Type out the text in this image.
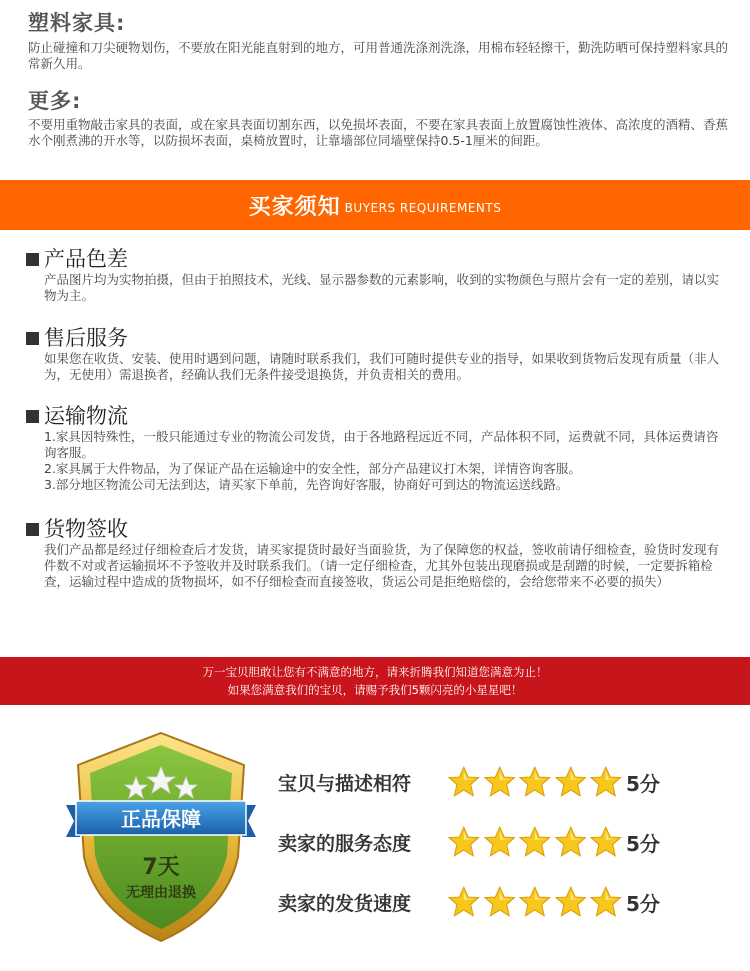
塑料家具:

防止碰撞和刀尖硬物划伤，不要放在阳光能直射到的地方，可用普通洗涤剂洗涤，用棉布轻轻擦干，勤洗防晒可保持塑料家具的常新久用。

更多:

不要用重物敲击家具的表面，或在家具表面切割东西，以免损坏表面，不要在家具表面上放置腐蚀性液体、高浓度的酒精、香蕉水个刚煮沸的开水等，以防损坏表面，桌椅放置时，让靠墙部位同墙壁保持0.5-1厘米的间距。

买家须知 BUYERS REQUIREMENTS
产品色差

产品图片均为实物拍摄，但由于拍照技术，光线、显示器参数的元素影响，收到的实物颜色与照片会有一定的差别，请以实物为主。

售后服务

如果您在收货、安装、使用时遇到问题，请随时联系我们，我们可随时提供专业的指导，如果收到货物后发现有质量（非人为，无使用）需退换者，经确认我们无条件接受退换货，并负责相关的费用。

运输物流

1.家具因特殊性，一般只能通过专业的物流公司发货，由于各地路程远近不同，产品体积不同，运费就不同，具体运费请咨询客服。

2.家具属于大件物品，为了保证产品在运输途中的安全性，部分产品建议打木架，详情咨询客服。

3.部分地区物流公司无法到达，请买家下单前，先咨询好客服，协商好可到达的物流运送线路。

货物签收

我们产品都是经过仔细检查后才发货，请买家提货时最好当面验货，为了保障您的权益，签收前请仔细检查，验货时发现有件数不对或者运输损坏不予签收并及时联系我们。（请一定仔细检查，尤其外包装出现磨损或是刮蹭的时候，一定要拆箱检查，运输过程中造成的货物损坏，如不仔细检查而直接签收，货运公司是拒绝赔偿的，会给您带来不必要的损失）

万一宝贝胆敢让您有不满意的地方，请来折腾我们知道您满意为止！
如果您满意我们的宝贝，请赐予我们5颗闪亮的小星星吧！
正品保障
7天
无理由退换
宝贝与描述相符	5分
卖家的服务态度	5分
卖家的发货速度	5分
